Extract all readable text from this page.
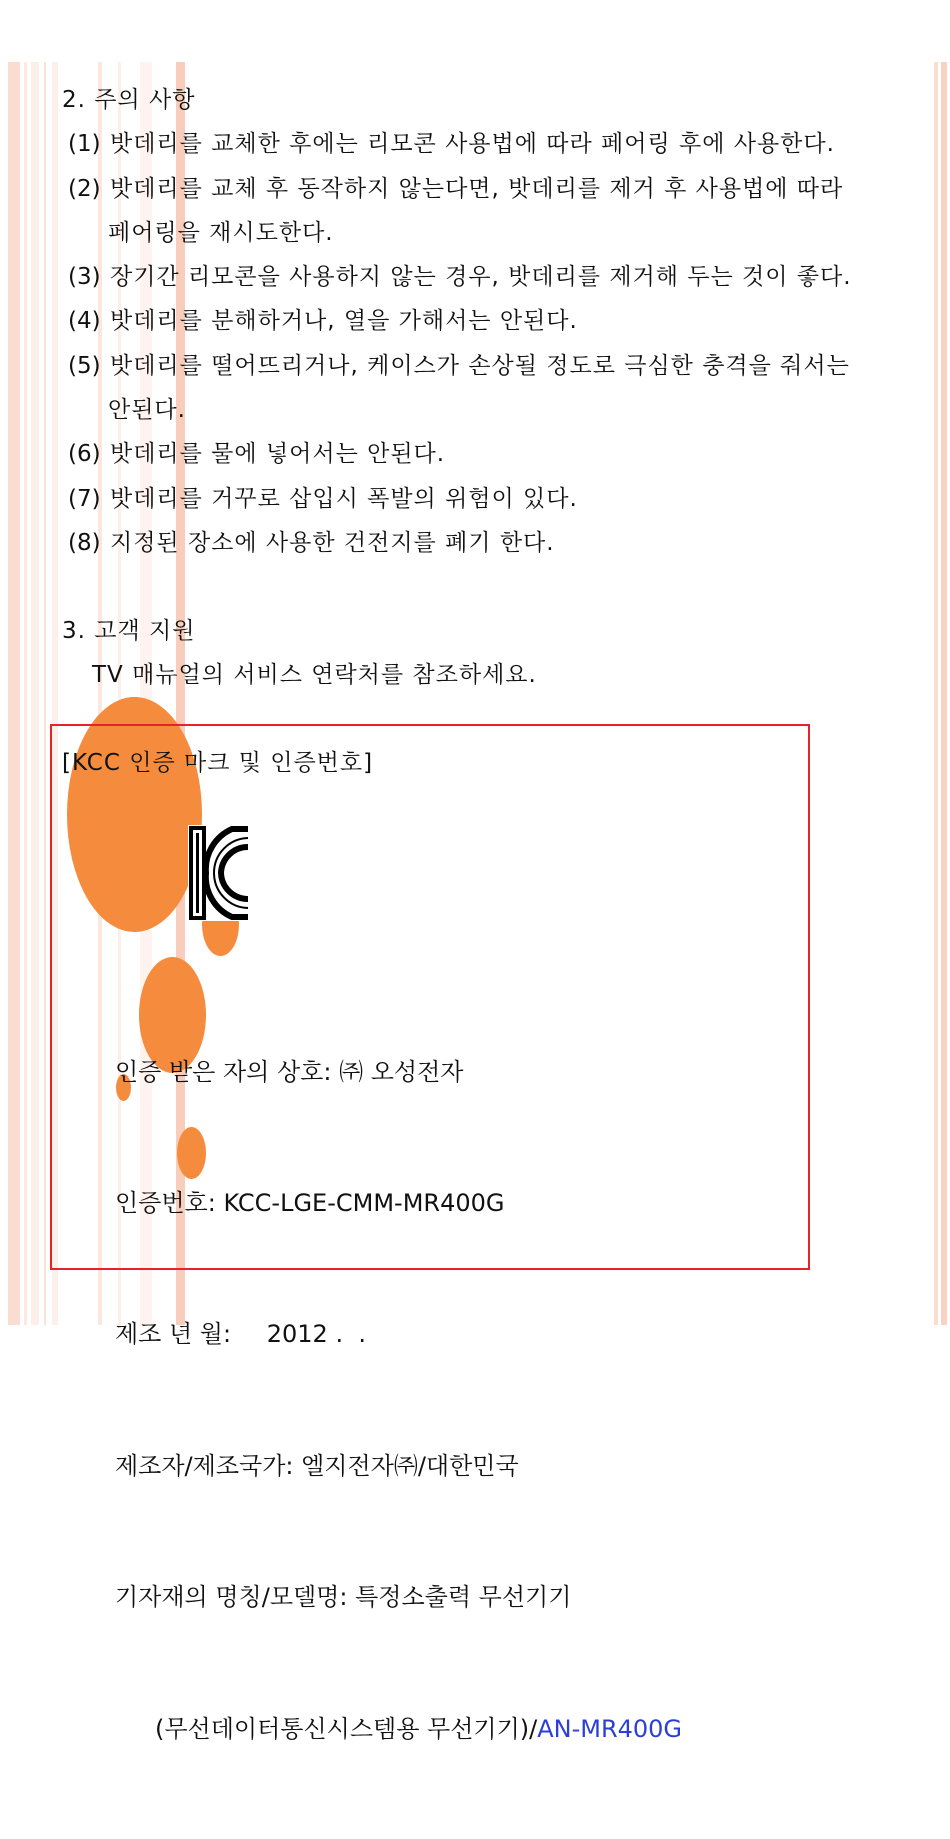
2. 주의 사항
(1) 밧데리를 교체한 후에는 리모콘 사용법에 따라 페어링 후에 사용한다.
(2) 밧데리를 교체 후 동작하지 않는다면, 밧데리를 제거 후 사용법에 따라
페어링을 재시도한다.
(3) 장기간 리모콘을 사용하지 않는 경우, 밧데리를 제거해 두는 것이 좋다.
(4) 밧데리를 분해하거나, 열을 가해서는 안된다.
(5) 밧데리를 떨어뜨리거나, 케이스가 손상될 정도로 극심한 충격을 줘서는
안된다.
(6) 밧데리를 물에 넣어서는 안된다.
(7) 밧데리를 거꾸로 삽입시 폭발의 위험이 있다.
(8) 지정된 장소에 사용한 건전지를 폐기 한다.
3. 고객 지원
TV 매뉴얼의 서비스 연락처를 참조하세요.
[KCC 인증 마크 및 인증번호]

인증 받은 자의 상호: ㈜ 오성전자

인증번호: KCC-LGE-CMM-MR400G

제조 년 월: 2012 .  .

제조자/제조국가: 엘지전자㈜/대한민국

기자재의 명칭/모델명: 특정소출력 무선기기

(무선데이터통신시스템용 무선기기)/AN-MR400G
